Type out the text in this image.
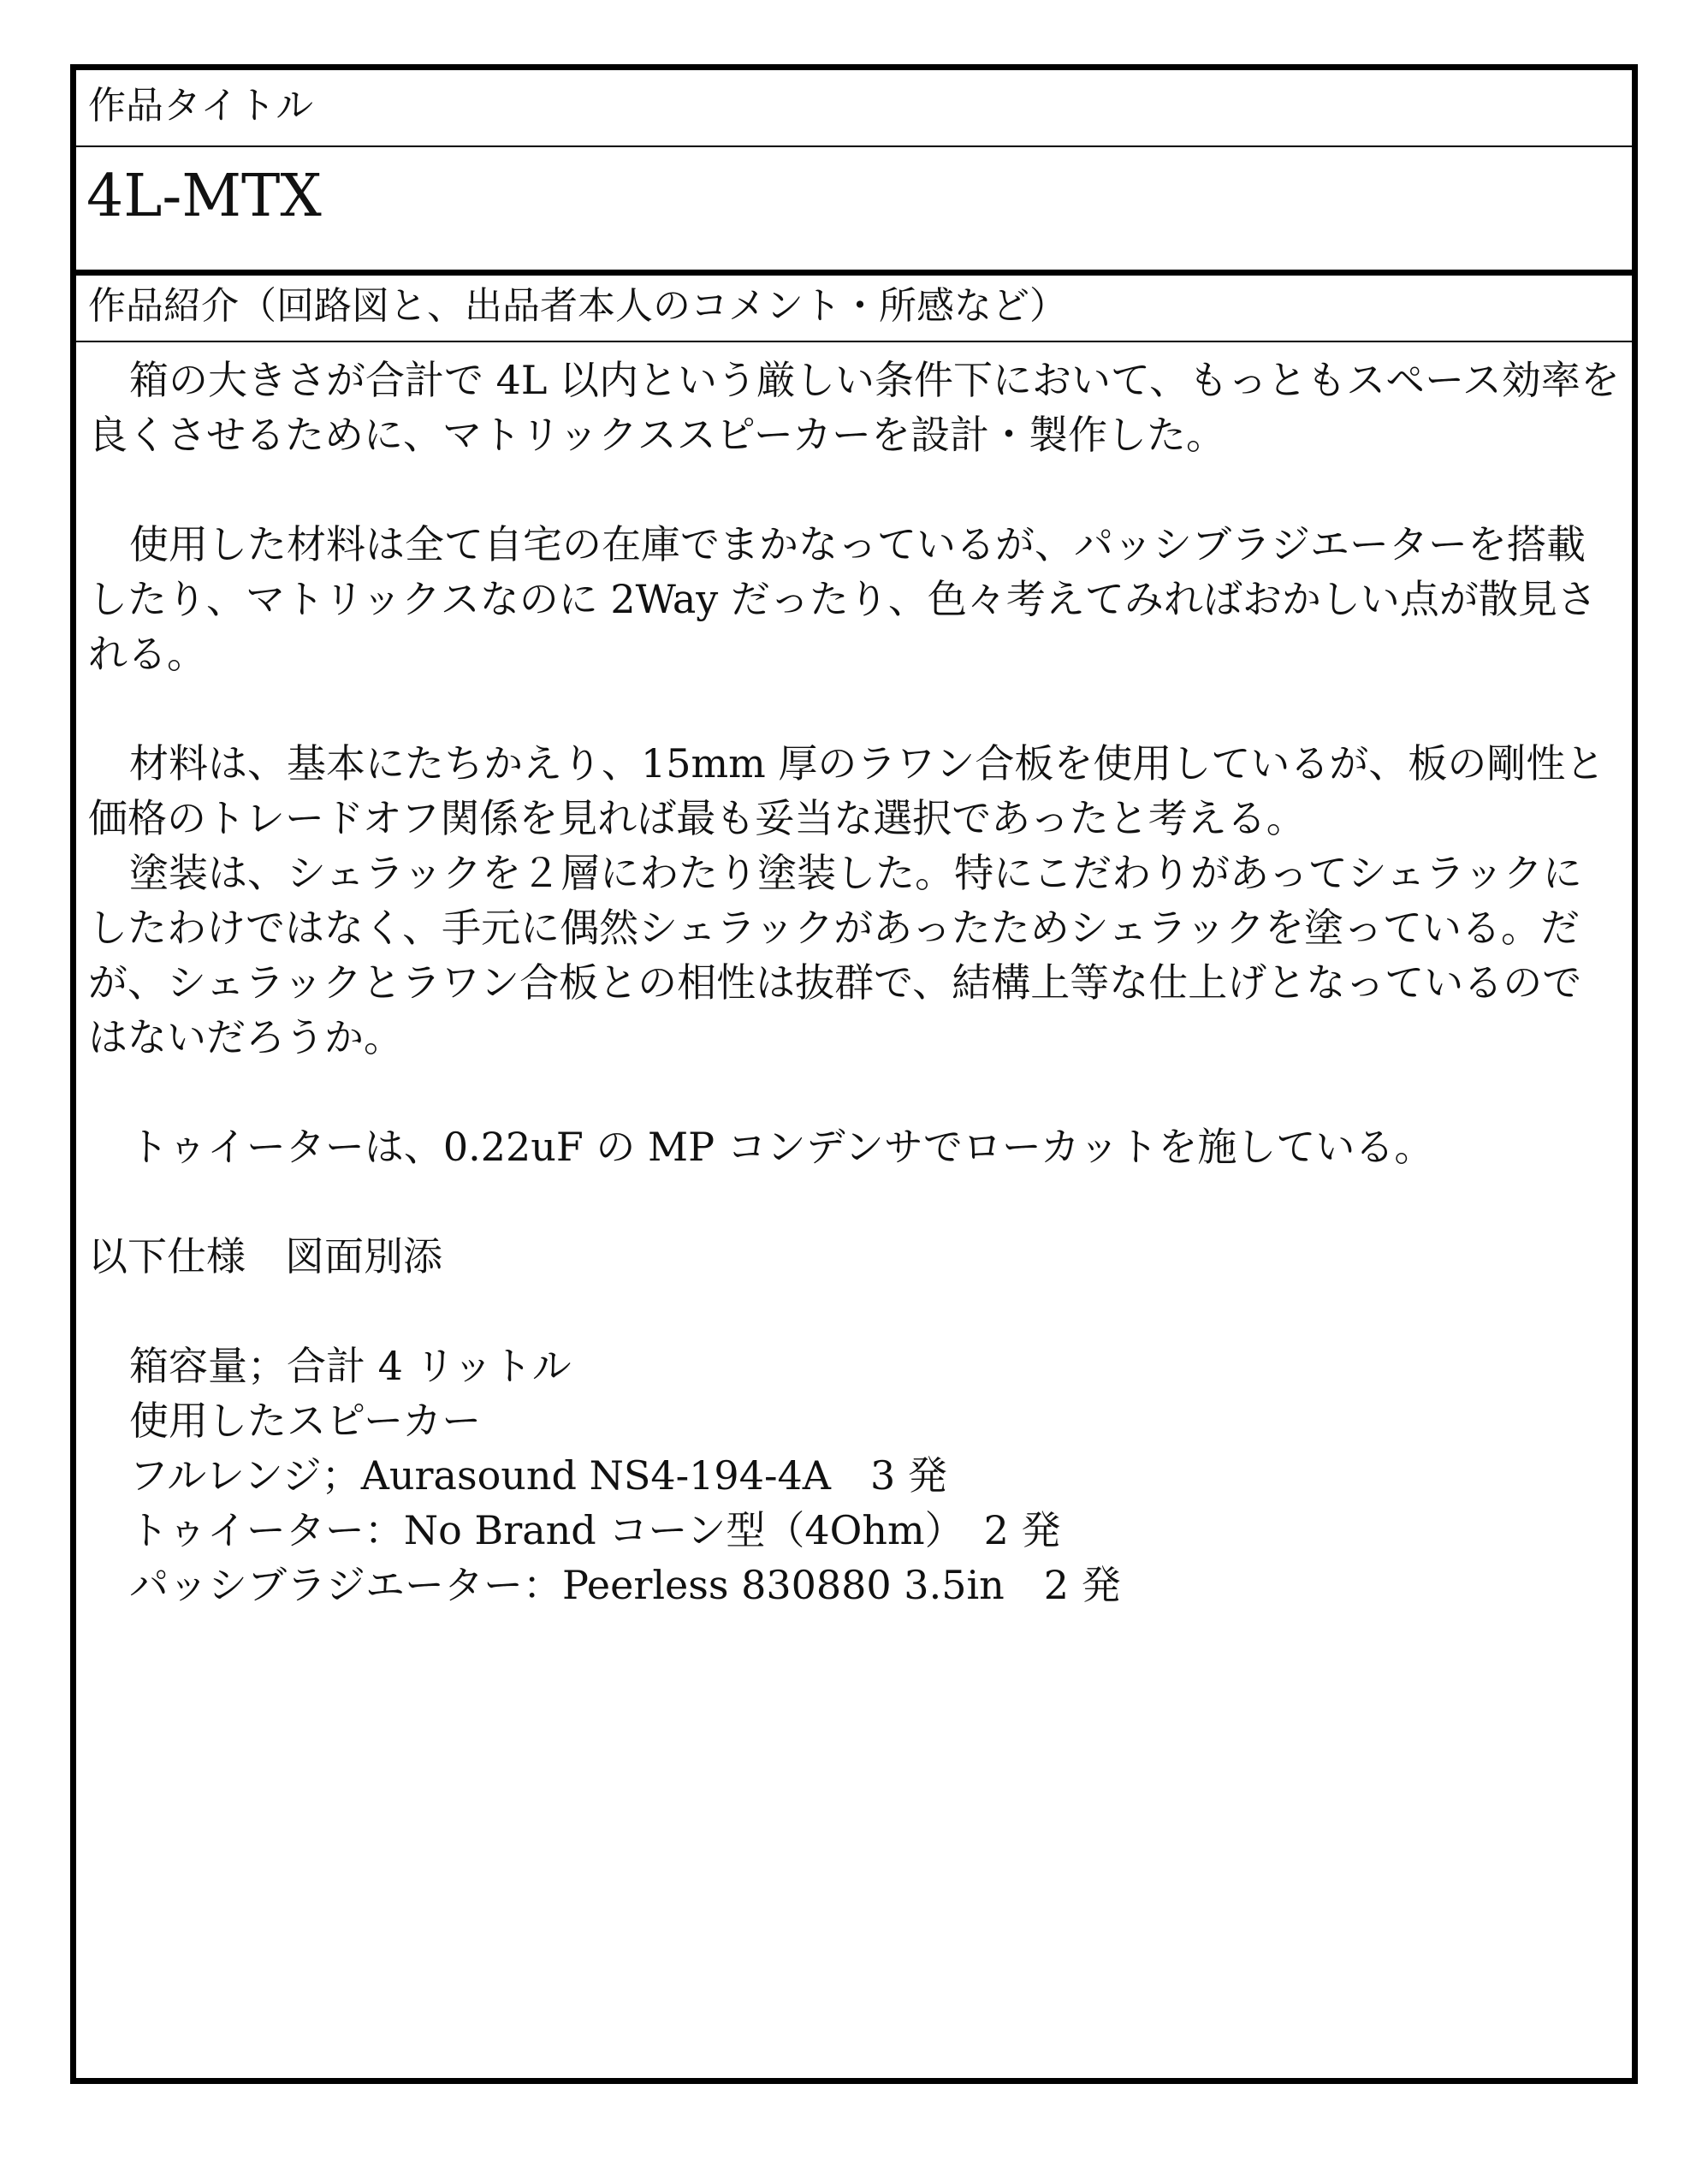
作品タイトル
4L-MTX
作品紹介（回路図と、出品者本人のコメント・所感など）

箱の大きさが合計で 4L 以内という厳しい条件下において、もっともスペース効率を良くさせるために、マトリックススピーカーを設計・製作した。

使用した材料は全て自宅の在庫でまかなっているが、パッシブラジエーターを搭載したり、マトリックスなのに 2Way だったり、色々考えてみればおかしい点が散見される。

材料は、基本にたちかえり、15mm 厚のラワン合板を使用しているが、板の剛性と価格のトレードオフ関係を見れば最も妥当な選択であったと考える。

塗装は、シェラックを２層にわたり塗装した。特にこだわりがあってシェラックにしたわけではなく、手元に偶然シェラックがあったためシェラックを塗っている。だが、シェラックとラワン合板との相性は抜群で、結構上等な仕上げとなっているのではないだろうか。

トゥイーターは、0.22uF の MP コンデンサでローカットを施している。

以下仕様　図面別添

箱容量；合計 4 リットル

使用したスピーカー

フルレンジ；Aurasound NS4-194-4A　3 発

トゥイーター：No Brand コーン型（4Ohm）　2 発

パッシブラジエーター：Peerless 830880 3.5in　2 発
